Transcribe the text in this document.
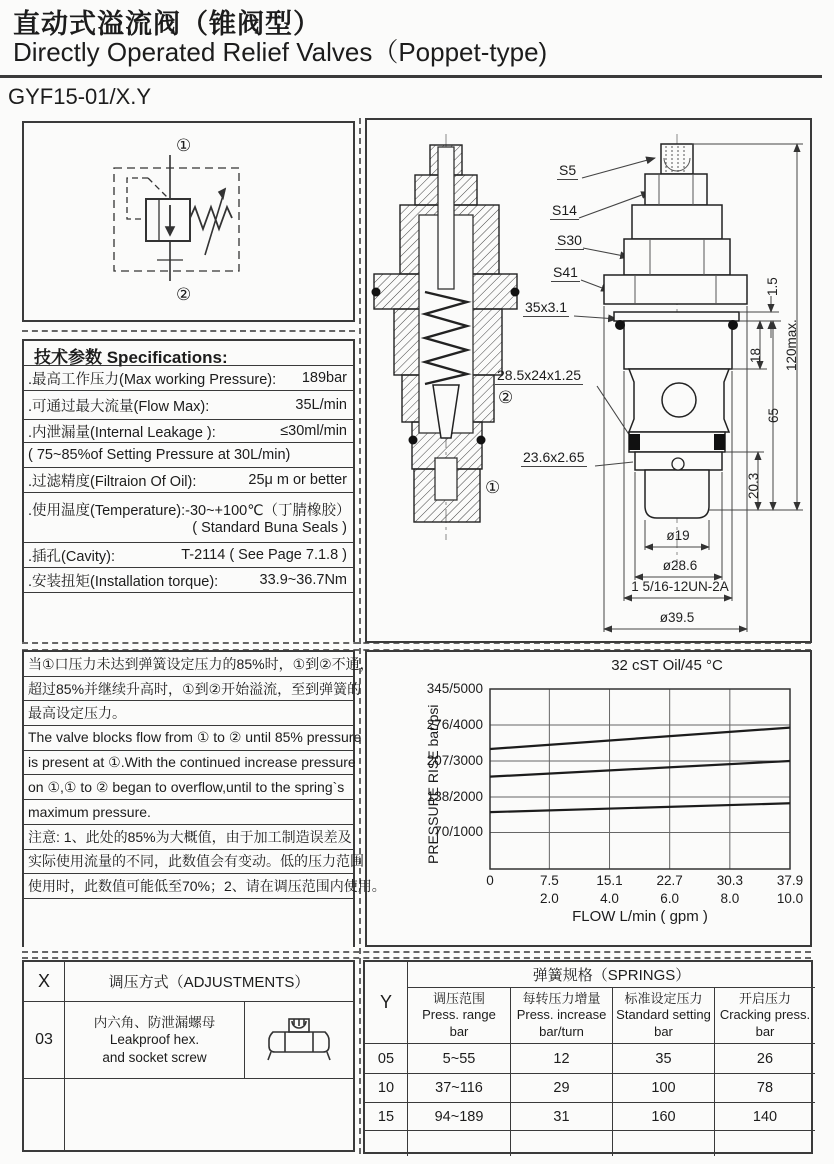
直动式溢流阀（锥阀型）
Directly Operated Relief Valves（Poppet-type)
GYF15-01/X.Y
①
②
技术参数 Specifications:
.最高工作压力(Max working Pressure):	189bar
.可通过最大流量(Flow Max):	35L/min
.内泄漏量(Internal Leakage ):	≤30ml/min
( 75~85%of Setting Pressure at 30L/min)
.过滤精度(Filtraion Of Oil):	25μ m or better
.使用温度(Temperature): -30~+100℃（丁腈橡胶）
( Standard Buna Seals )
.插孔(Cavity):	T-2114 ( See Page 7.1.8 )
.安装扭矩(Installation torque):	33.9~36.7Nm
当①口压力未达到弹簧设定压力的85%时，①到②不通，
超过85%并继续升高时，①到②开始溢流，至到弹簧的
最高设定压力。
The valve blocks flow from ① to ② until 85% pressure
is present at ①.With the continued increase pressure
on ①,① to ② began to overflow,until to the spring`s
maximum pressure.
注意: 1、此处的85%为大概值，由于加工制造误差及
实际使用流量的不同，此数值会有变动。低的压力范围
使用时，此数值可能低至70%；2、请在调压范围内使用。
X	调压方式（ADJUSTMENTS）
03
内六角、防泄漏螺母
Leakproof hex.
and socket screw
S5
S14
S30
S41
35x3.1
28.5x24x1.25
②
23.6x2.65
①
1.5
18
65
20.3
120max.
ø19
ø28.6
1 5/16-12UN-2A
ø39.5
32 cST Oil/45 °C
PRESSURE RISE bar/psi
FLOW L/min ( gpm )
345/5000
276/4000
207/3000
138/2000
70/1000
0	7.5	15.1	22.7	30.3	37.9
2.0	4.0	6.0	8.0	10.0
Y
弹簧规格（SPRINGS）
调压范围
Press. range
bar
每转压力增量
Press. increase
bar/turn
标准设定压力
Standard setting
bar
开启压力
Cracking press.
bar
05	5~55	12	35	26
10	37~116	29	100	78
15	94~189	31	160	140
